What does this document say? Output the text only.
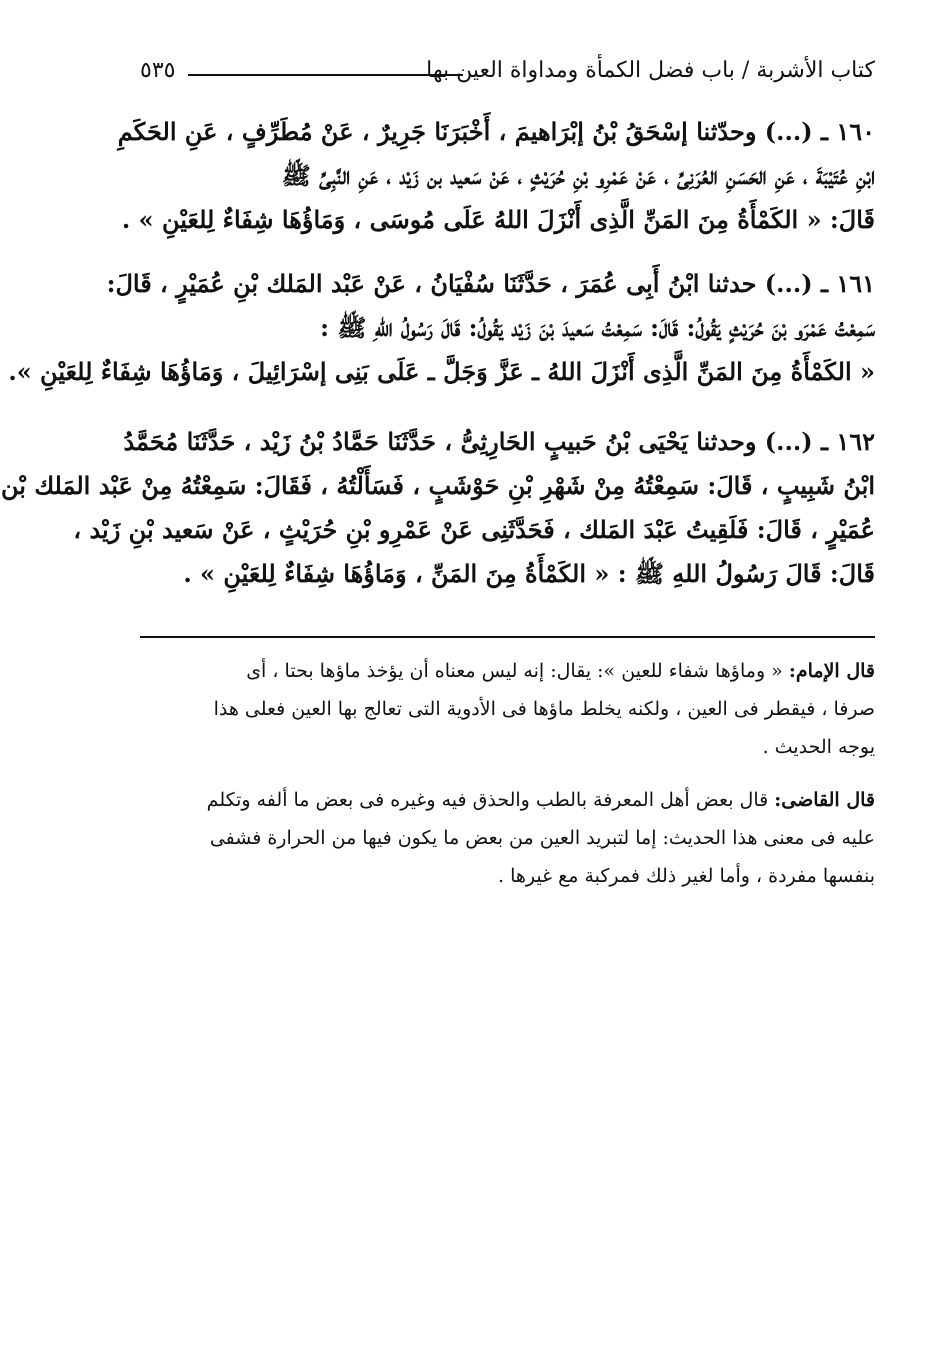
كتاب الأشربة / باب فضل الكمأة ومداواة العين بها
٥٣٥
١٦٠ ـ (...) وحدّثنا إسْحَقُ بْنُ إبْرَاهيمَ ، أَخْبَرَنَا جَرِيرٌ ، عَنْ مُطَرِّفٍ ، عَنِ الحَكَمِ
ابْنِ عُتَيْبَةَ ، عَنِ الحَسَنِ العُرَنِىِّ ، عَنْ عَمْرِو بْنِ حُرَيْثٍ ، عَنْ سَعيد بن زَيْد ، عَنِ النَّبِىِّ ﷺ
قَالَ: « الكَمْأَةُ مِنَ المَنِّ الَّذِى أَنْزَلَ اللهُ عَلَى مُوسَى ، وَمَاؤُهَا شِفَاءٌ لِلعَيْنِ » .
١٦١ ـ (...) حدثنا ابْنُ أَبِى عُمَرَ ، حَدَّثَنَا سُفْيَانُ ، عَنْ عَبْد المَلك بْنِ عُمَيْرٍ ، قَالَ:
سَمِعْتُ عَمْرَو بْنَ حُرَيْثٍ يَقُولُ: قَالَ: سَمِعْتُ سَعيدَ بْنَ زَيْد يَقُولُ: قَالَ رَسُولُ اللهِ ﷺ :
« الكَمْأَةُ مِنَ المَنِّ الَّذِى أَنْزَلَ اللهُ ـ عَزَّ وَجَلَّ ـ عَلَى بَنِى إسْرَائِيلَ ، وَمَاؤُهَا شِفَاءٌ لِلعَيْنِ ».
١٦٢ ـ (...) وحدثنا يَحْيَى بْنُ حَبيبٍ الحَارِثِىُّ ، حَدَّثَنَا حَمَّادُ بْنُ زَيْد ، حَدَّثَنَا مُحَمَّدُ
ابْنُ شَبِيبٍ ، قَالَ: سَمِعْتُهُ مِنْ شَهْرِ بْنِ حَوْشَبٍ ، فَسَأَلْتُهُ ، فَقَالَ: سَمِعْتُهُ مِنْ عَبْد المَلك بْن
عُمَيْرٍ ، قَالَ: فَلَقِيتُ عَبْدَ المَلك ، فَحَدَّثَنِى عَنْ عَمْرِو بْنِ حُرَيْثٍ ، عَنْ سَعيد بْنِ زَيْد ،
قَالَ: قَالَ رَسُولُ اللهِ ﷺ : « الكَمْأَةُ مِنَ المَنِّ ، وَمَاؤُهَا شِفَاءٌ لِلعَيْنِ » .
قال الإمام: « وماؤها شفاء للعين »: يقال: إنه ليس معناه أن يؤخذ ماؤها بحتا ، أى
صرفا ، فيقطر فى العين ، ولكنه يخلط ماؤها فى الأدوية التى تعالج بها العين فعلى هذا
يوجه الحديث .
قال القاضى: قال بعض أهل المعرفة بالطب والحذق فيه وغيره فى بعض ما ألفه وتكلم
عليه فى معنى هذا الحديث: إما لتبريد العين من بعض ما يكون فيها من الحرارة فشفى
بنفسها مفردة ، وأما لغير ذلك فمركبة مع غيرها .
